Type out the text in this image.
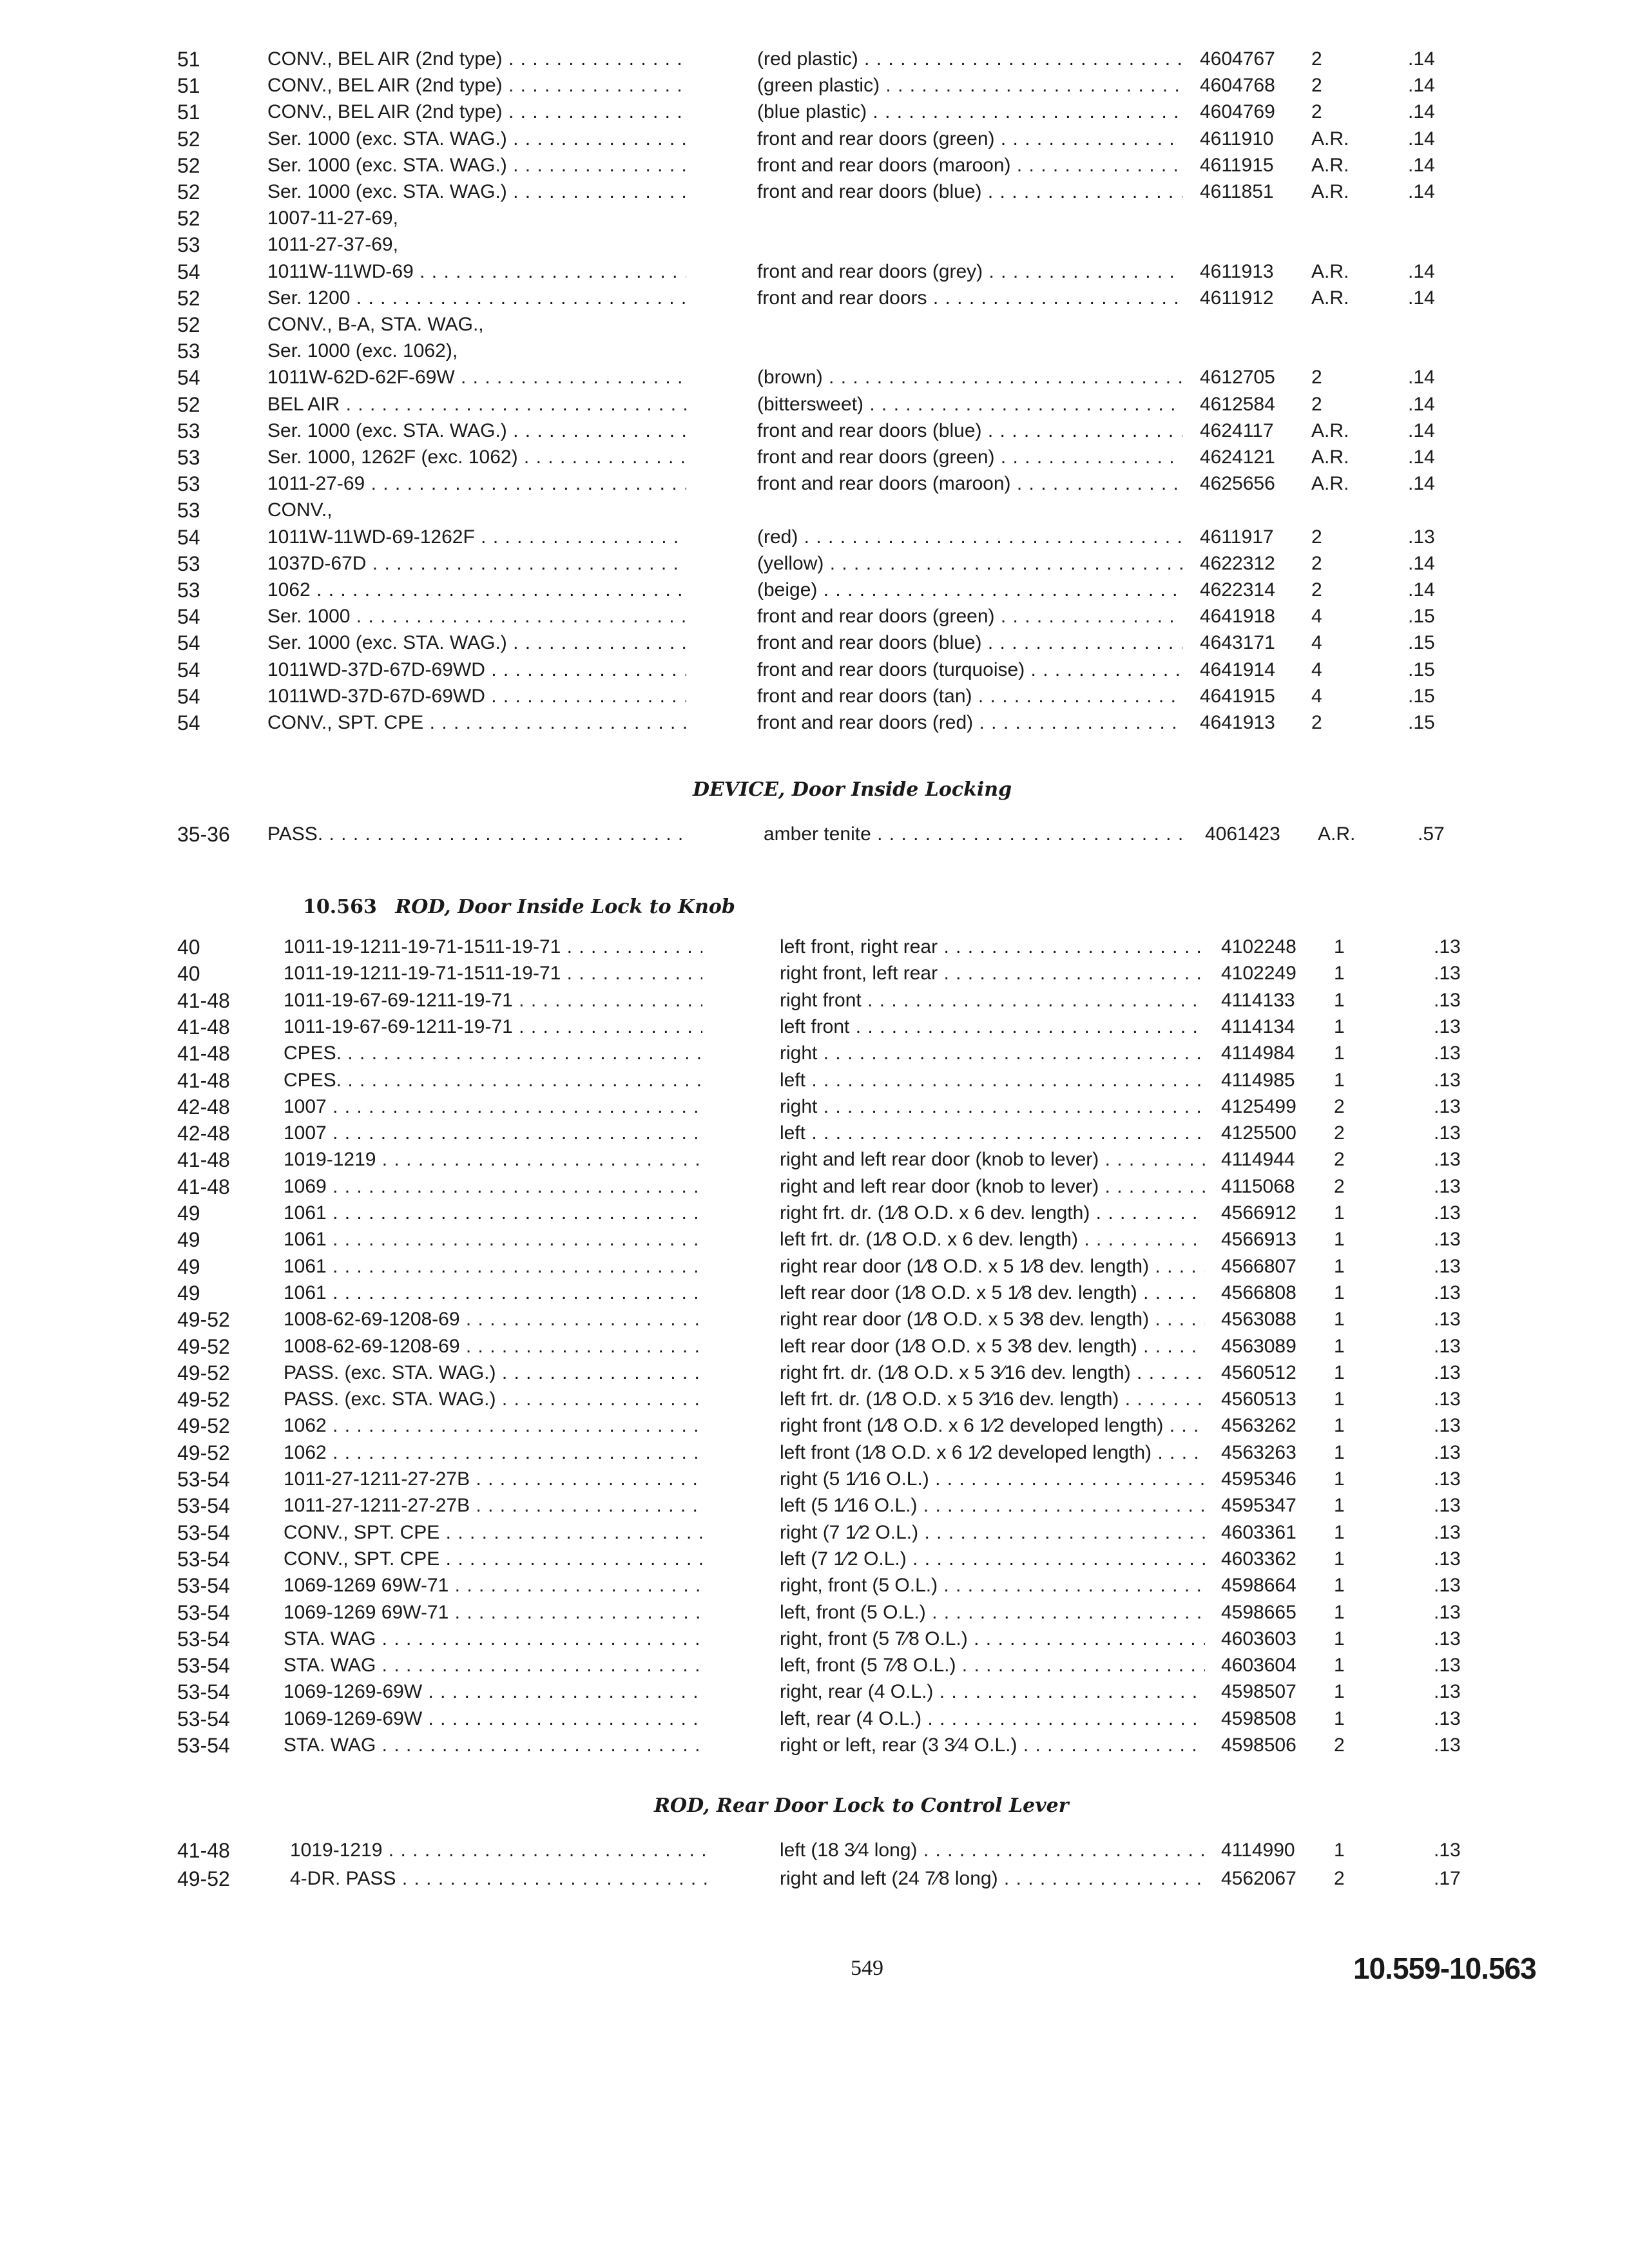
51	CONV., BEL AIR (2nd type) . . .	(red plastic) . . .	4604767	2	.14
51	CONV., BEL AIR (2nd type) . . .	(green plastic) . . .	4604768	2	.14
51	CONV., BEL AIR (2nd type) . . .	(blue plastic) . . .	4604769	2	.14
52	Ser. 1000 (exc. STA. WAG.) . . .	front and rear doors (green) . . .	4611910	A.R.	.14
52	Ser. 1000 (exc. STA. WAG.) . . .	front and rear doors (maroon) . . .	4611915	A.R.	.14
52	Ser. 1000 (exc. STA. WAG.) . . .	front and rear doors (blue) . . .	4611851	A.R.	.14
52	1007-11-27-69,
53	1011-27-37-69,
54	1011W-11WD-69 . . .	front and rear doors (grey) . . .	4611913	A.R.	.14
52	Ser. 1200 . . .	front and rear doors . . .	4611912	A.R.	.14
52	CONV., B-A, STA. WAG.,
53	Ser. 1000 (exc. 1062),
54	1011W-62D-62F-69W . . .	(brown) . . .	4612705	2	.14
52	BEL AIR . . .	(bittersweet) . . .	4612584	2	.14
53	Ser. 1000 (exc. STA. WAG.) . . .	front and rear doors (blue) . . .	4624117	A.R.	.14
53	Ser. 1000, 1262F (exc. 1062) . . .	front and rear doors (green) . . .	4624121	A.R.	.14
53	1011-27-69 . . .	front and rear doors (maroon) . . .	4625656	A.R.	.14
53	CONV.,
54	1011W-11WD-69-1262F . . .	(red) . . .	4611917	2	.13
53	1037D-67D . . .	(yellow) . . .	4622312	2	.14
53	1062 . . .	(beige) . . .	4622314	2	.14
54	Ser. 1000 . . .	front and rear doors (green) . . .	4641918	4	.15
54	Ser. 1000 (exc. STA. WAG.) . . .	front and rear doors (blue) . . .	4643171	4	.15
54	1011WD-37D-67D-69WD . . .	front and rear doors (turquoise) . . .	4641914	4	.15
54	1011WD-37D-67D-69WD . . .	front and rear doors (tan) . . .	4641915	4	.15
54	CONV., SPT. CPE . . .	front and rear doors (red) . . .	4641913	2	.15
DEVICE, Door Inside Locking
35-36	PASS. . . .	amber tenite . . .	4061423	A.R.	.57
10.563 ROD, Door Inside Lock to Knob
40	1011-19-1211-19-71-1511-19-71 . . .	left front, right rear . . .	4102248	1	.13
40	1011-19-1211-19-71-1511-19-71 . . .	right front, left rear . . .	4102249	1	.13
41-48	1011-19-67-69-1211-19-71 . . .	right front . . .	4114133	1	.13
41-48	1011-19-67-69-1211-19-71 . . .	left front . . .	4114134	1	.13
41-48	CPES. . . .	right . . .	4114984	1	.13
41-48	CPES. . . .	left . . .	4114985	1	.13
42-48	1007 . . .	right . . .	4125499	2	.13
42-48	1007 . . .	left . . .	4125500	2	.13
41-48	1019-1219 . . .	right and left rear door (knob to lever) . . .	4114944	2	.13
41-48	1069 . . .	right and left rear door (knob to lever) . . .	4115068	2	.13
49	1061 . . .	right frt. dr. (1⁄8 O.D. x 6 dev. length) . . .	4566912	1	.13
49	1061 . . .	left frt. dr. (1⁄8 O.D. x 6 dev. length) . . .	4566913	1	.13
49	1061 . . .	right rear door (1⁄8 O.D. x 5 1⁄8 dev. length) . . .	4566807	1	.13
49	1061 . . .	left rear door (1⁄8 O.D. x 5 1⁄8 dev. length) . . .	4566808	1	.13
49-52	1008-62-69-1208-69 . . .	right rear door (1⁄8 O.D. x 5 3⁄8 dev. length) . . .	4563088	1	.13
49-52	1008-62-69-1208-69 . . .	left rear door (1⁄8 O.D. x 5 3⁄8 dev. length) . . .	4563089	1	.13
49-52	PASS. (exc. STA. WAG.) . . .	right frt. dr. (1⁄8 O.D. x 5 3⁄16 dev. length) . . .	4560512	1	.13
49-52	PASS. (exc. STA. WAG.) . . .	left frt. dr. (1⁄8 O.D. x 5 3⁄16 dev. length) . . .	4560513	1	.13
49-52	1062 . . .	right front (1⁄8 O.D. x 6 1⁄2 developed length) . . .	4563262	1	.13
49-52	1062 . . .	left front (1⁄8 O.D. x 6 1⁄2 developed length) . . .	4563263	1	.13
53-54	1011-27-1211-27-27B . . .	right (5 1⁄16 O.L.) . . .	4595346	1	.13
53-54	1011-27-1211-27-27B . . .	left (5 1⁄16 O.L.) . . .	4595347	1	.13
53-54	CONV., SPT. CPE . . .	right (7 1⁄2 O.L.) . . .	4603361	1	.13
53-54	CONV., SPT. CPE . . .	left (7 1⁄2 O.L.) . . .	4603362	1	.13
53-54	1069-1269 69W-71 . . .	right, front (5 O.L.) . . .	4598664	1	.13
53-54	1069-1269 69W-71 . . .	left, front (5 O.L.) . . .	4598665	1	.13
53-54	STA. WAG . . .	right, front (5 7⁄8 O.L.) . . .	4603603	1	.13
53-54	STA. WAG . . .	left, front (5 7⁄8 O.L.) . . .	4603604	1	.13
53-54	1069-1269-69W . . .	right, rear (4 O.L.) . . .	4598507	1	.13
53-54	1069-1269-69W . . .	left, rear (4 O.L.) . . .	4598508	1	.13
53-54	STA. WAG . . .	right or left, rear (3 3⁄4 O.L.) . . .	4598506	2	.13
ROD, Rear Door Lock to Control Lever
41-48	1019-1219 . . .	left (18 3⁄4 long) . . .	4114990	1	.13
49-52	4-DR. PASS . . .	right and left (24 7⁄8 long) . . .	4562067	2	.17
549	10.559-10.563
